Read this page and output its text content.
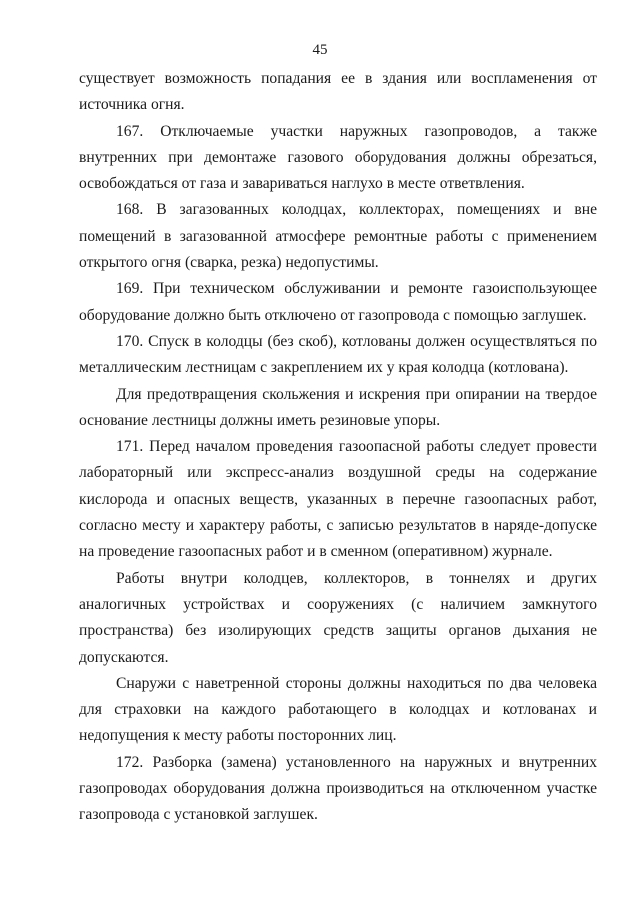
45

существует возможность попадания ее в здания или воспламенения от источника огня.

167. Отключаемые участки наружных газопроводов, а также внутренних при демонтаже газового оборудования должны обрезаться, освобождаться от газа и завариваться наглухо в месте ответвления.

168. В загазованных колодцах, коллекторах, помещениях и вне помещений в загазованной атмосфере ремонтные работы с применением открытого огня (сварка, резка) недопустимы.

169. При техническом обслуживании и ремонте газоиспользующее оборудование должно быть отключено от газопровода с помощью заглушек.

170. Спуск в колодцы (без скоб), котлованы должен осуществляться по металлическим лестницам с закреплением их у края колодца (котлована).

Для предотвращения скольжения и искрения при опирании на твердое основание лестницы должны иметь резиновые упоры.

171. Перед началом проведения газоопасной работы следует провести лабораторный или экспресс-анализ воздушной среды на содержание кислорода и опасных веществ, указанных в перечне газоопасных работ, согласно месту и характеру работы, с записью результатов в наряде-допуске на проведение газоопасных работ и в сменном (оперативном) журнале.

Работы внутри колодцев, коллекторов, в тоннелях и других аналогичных устройствах и сооружениях (с наличием замкнутого пространства) без изолирующих средств защиты органов дыхания не допускаются.

Снаружи с наветренной стороны должны находиться по два человека для страховки на каждого работающего в колодцах и котлованах и недопущения к месту работы посторонних лиц.

172. Разборка (замена) установленного на наружных и внутренних газопроводах оборудования должна производиться на отключенном участке газопровода с установкой заглушек.
